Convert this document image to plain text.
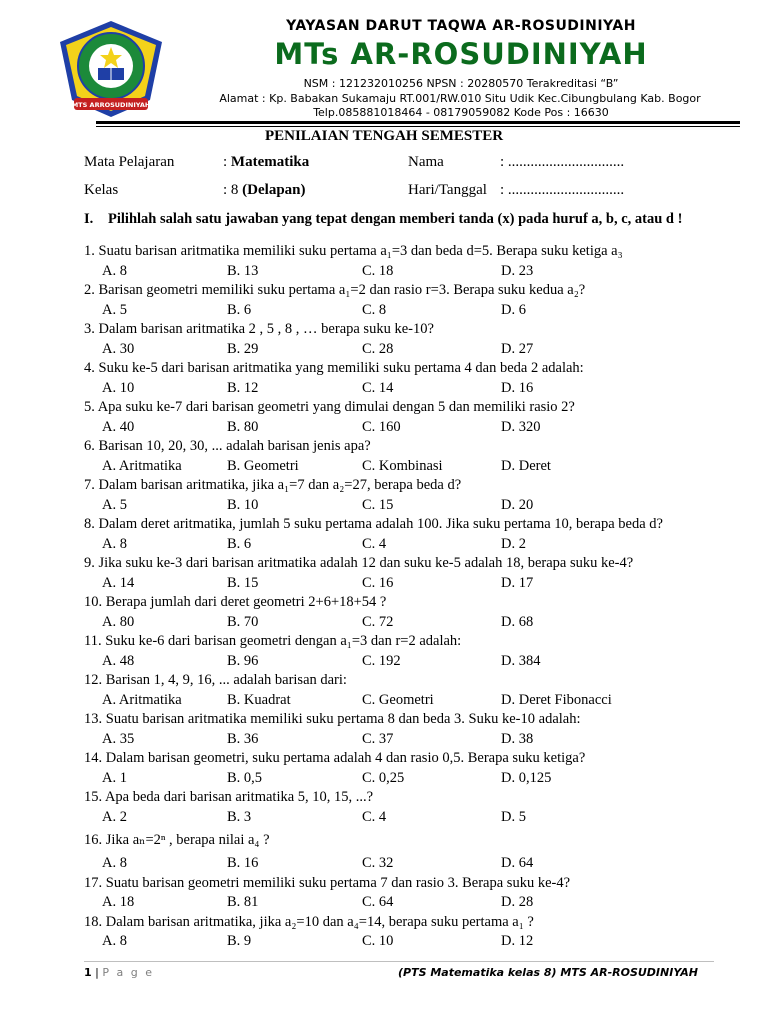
MTS ARROSUDINIYAH
YAYASAN DARUT TAQWA AR-ROSUDINIYAH
MTs AR-ROSUDINIYAH
NSM : 121232010256 NPSN : 20280570 Terakreditasi “B”
Alamat : Kp. Babakan Sukamaju RT.001/RW.010 Situ Udik Kec.Cibungbulang Kab. Bogor
Telp.085881018464 - 08179059082 Kode Pos : 16630
PENILAIAN TENGAH SEMESTER
Mata Pelajaran	: Matematika	Nama	: ...............................
Kelas	: 8 (Delapan)	Hari/Tanggal : ...............................
I. Pilihlah salah satu jawaban yang tepat dengan memberi tanda (x) pada huruf a, b, c, atau d !
1. Suatu barisan aritmatika memiliki suku pertama a₁=3 dan beda d=5. Berapa suku ketiga a₃
A. 8	B. 13	C. 18	D. 23
2. Barisan geometri memiliki suku pertama a₁=2 dan rasio r=3. Berapa suku kedua a₂?
A. 5	B. 6	C. 8	D. 6
3. Dalam barisan aritmatika 2 , 5 , 8 , … berapa suku ke-10?
A. 30	B. 29	C. 28	D. 27
4. Suku ke-5 dari barisan aritmatika yang memiliki suku pertama 4 dan beda 2 adalah:
A. 10	B. 12	C. 14	D. 16
5. Apa suku ke-7 dari barisan geometri yang dimulai dengan 5 dan memiliki rasio 2?
A. 40	B. 80	C. 160	D. 320
6. Barisan 10, 20, 30, ... adalah barisan jenis apa?
A. Aritmatika	B. Geometri	C. Kombinasi	D. Deret
7. Dalam barisan aritmatika, jika a₁=7 dan a₂=27, berapa beda d?
A. 5	B. 10	C. 15	D. 20
8. Dalam deret aritmatika, jumlah 5 suku pertama adalah 100. Jika suku pertama 10, berapa beda d?
A. 8	B. 6	C. 4	D. 2
9. Jika suku ke-3 dari barisan aritmatika adalah 12 dan suku ke-5 adalah 18, berapa suku ke-4?
A. 14	B. 15	C. 16	D. 17
10. Berapa jumlah dari deret geometri 2+6+18+54 ?
A. 80	B. 70	C. 72	D. 68
11. Suku ke-6 dari barisan geometri dengan a₁=3 dan r=2 adalah:
A. 48	B. 96	C. 192	D. 384
12. Barisan 1, 4, 9, 16, ... adalah barisan dari:
A. Aritmatika	B. Kuadrat	C. Geometri	D. Deret Fibonacci
13. Suatu barisan aritmatika memiliki suku pertama 8 dan beda 3. Suku ke-10 adalah:
A. 35	B. 36	C. 37	D. 38
14. Dalam barisan geometri, suku pertama adalah 4 dan rasio 0,5. Berapa suku ketiga?
A. 1	B. 0,5	C. 0,25	D. 0,125
15. Apa beda dari barisan aritmatika 5, 10, 15, ...?
A. 2	B. 3	C. 4	D. 5
16. Jika aₙ=2ⁿ , berapa nilai a₄ ?
A. 8	B. 16	C. 32	D. 64
17. Suatu barisan geometri memiliki suku pertama 7 dan rasio 3. Berapa suku ke-4?
A. 18	B. 81	C. 64	D. 28
18. Dalam barisan aritmatika, jika a₂=10 dan a₄=14, berapa suku pertama a₁ ?
A. 8	B. 9	C. 10	D. 12
1 | P a g e	(PTS Matematika kelas 8) MTS AR-ROSUDINIYAH
